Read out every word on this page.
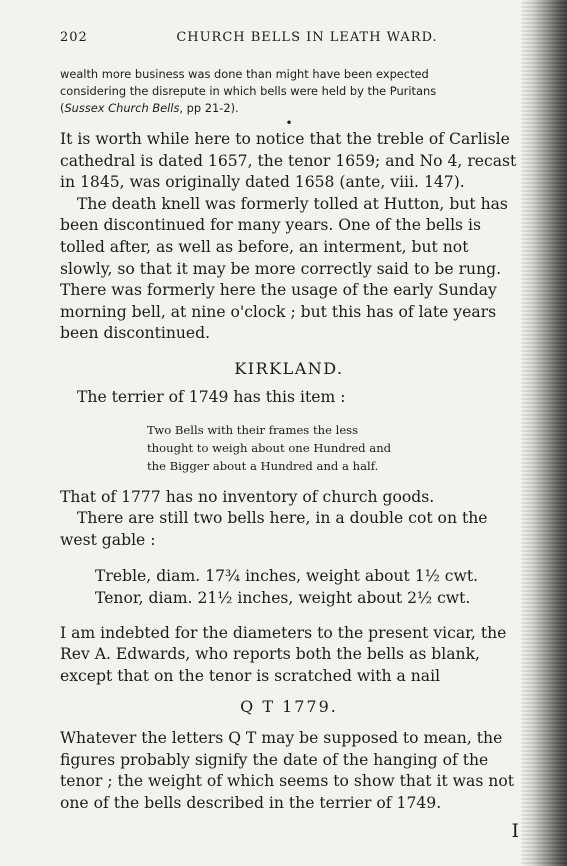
202	CHURCH BELLS IN LEATH WARD.
wealth more business was done than might have been expected
considering the disrepute in which bells were held by the Puritans
(Sussex Church Bells, pp 21-2).
•

It is worth while here to notice that the treble of Carlisle
cathedral is dated 1657, the tenor 1659; and No 4, recast
in 1845, was originally dated 1658 (ante, viii. 147).

The death knell was formerly tolled at Hutton, but has
been discontinued for many years. One of the bells is
tolled after, as well as before, an interment, but not
slowly, so that it may be more correctly said to be rung.
There was formerly here the usage of the early Sunday
morning bell, at nine o'clock ; but this has of late years
been discontinued.

KIRKLAND.

The terrier of 1749 has this item :

Two Bells with their frames the less
thought to weigh about one Hundred and
the Bigger about a Hundred and a half.

That of 1777 has no inventory of church goods.

There are still two bells here, in a double cot on the
west gable :

Treble, diam. 17¾ inches, weight about 1½ cwt.
Tenor, diam. 21½ inches, weight about 2½ cwt.

I am indebted for the diameters to the present vicar, the
Rev A. Edwards, who reports both the bells as blank,
except that on the tenor is scratched with a nail

Q T 1779.

Whatever the letters Q T may be supposed to mean, the
figures probably signify the date of the hanging of the
tenor ; the weight of which seems to show that it was not
one of the bells described in the terrier of 1749.

I
